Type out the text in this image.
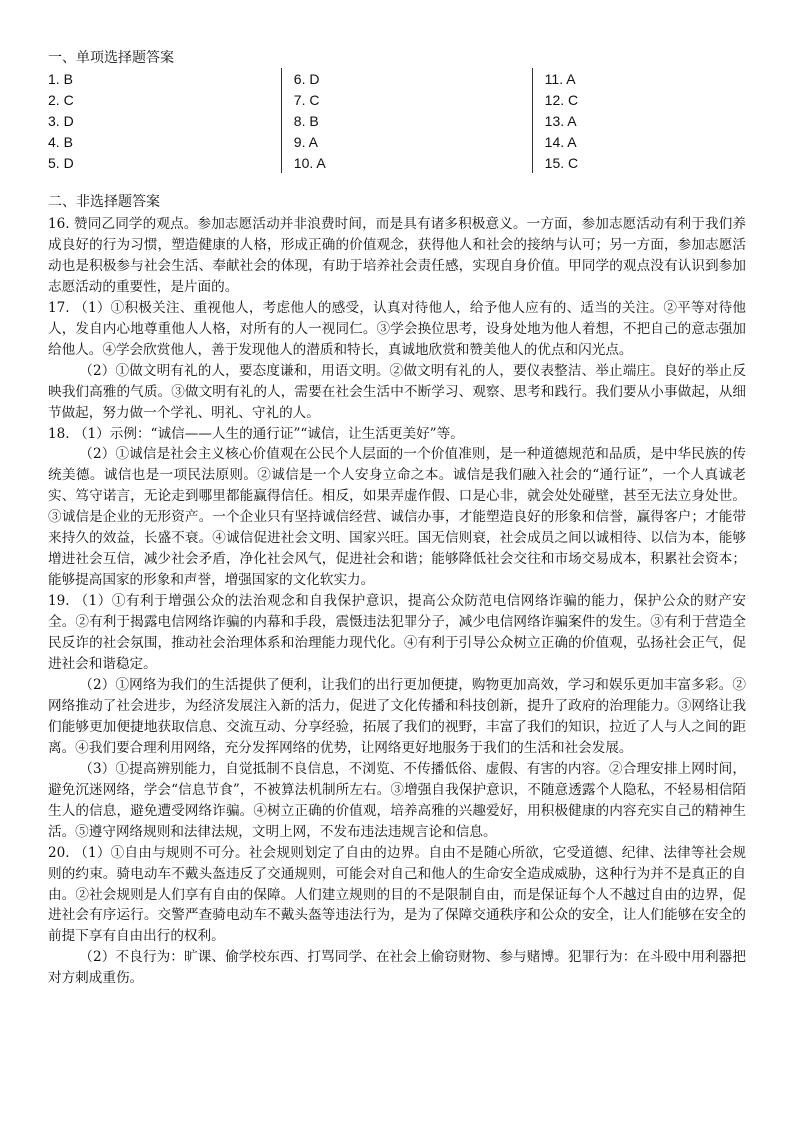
一、单项选择题答案
1. B	6. D	11. A
2. C	7. C	12. C
3. D	8. B	13. A
4. B	9. A	14. A
5. D	10. A	15. C
二、非选择题答案

16. 赞同乙同学的观点。参加志愿活动并非浪费时间，而是具有诸多积极意义。一方面，参加志愿活动有利于我们养成良好的行为习惯，塑造健康的人格，形成正确的价值观念，获得他人和社会的接纳与认可；另一方面，参加志愿活动也是积极参与社会生活、奉献社会的体现，有助于培养社会责任感，实现自身价值。甲同学的观点没有认识到参加志愿活动的重要性，是片面的。

17. （1）①积极关注、重视他人，考虑他人的感受，认真对待他人，给予他人应有的、适当的关注。②平等对待他人，发自内心地尊重他人人格，对所有的人一视同仁。③学会换位思考，设身处地为他人着想，不把自己的意志强加给他人。④学会欣赏他人，善于发现他人的潜质和特长，真诚地欣赏和赞美他人的优点和闪光点。

（2）①做文明有礼的人，要态度谦和，用语文明。②做文明有礼的人，要仪表整洁、举止端庄。良好的举止反映我们高雅的气质。③做文明有礼的人，需要在社会生活中不断学习、观察、思考和践行。我们要从小事做起，从细节做起，努力做一个学礼、明礼、守礼的人。

18. （1）示例：“诚信——人生的通行证”“诚信，让生活更美好”等。

（2）①诚信是社会主义核心价值观在公民个人层面的一个价值准则，是一种道德规范和品质，是中华民族的传统美德。诚信也是一项民法原则。②诚信是一个人安身立命之本。诚信是我们融入社会的“通行证”，一个人真诚老实、笃守诺言，无论走到哪里都能赢得信任。相反，如果弄虚作假、口是心非，就会处处碰壁，甚至无法立身处世。③诚信是企业的无形资产。一个企业只有坚持诚信经营、诚信办事，才能塑造良好的形象和信誉，赢得客户；才能带来持久的效益，长盛不衰。④诚信促进社会文明、国家兴旺。国无信则衰，社会成员之间以诚相待、以信为本，能够增进社会互信，减少社会矛盾，净化社会风气，促进社会和谐；能够降低社会交往和市场交易成本，积累社会资本；能够提高国家的形象和声誉，增强国家的文化软实力。

19. （1）①有利于增强公众的法治观念和自我保护意识，提高公众防范电信网络诈骗的能力，保护公众的财产安全。②有利于揭露电信网络诈骗的内幕和手段，震慑违法犯罪分子，减少电信网络诈骗案件的发生。③有利于营造全民反诈的社会氛围，推动社会治理体系和治理能力现代化。④有利于引导公众树立正确的价值观，弘扬社会正气，促进社会和谐稳定。

（2）①网络为我们的生活提供了便利，让我们的出行更加便捷，购物更加高效，学习和娱乐更加丰富多彩。②网络推动了社会进步，为经济发展注入新的活力，促进了文化传播和科技创新，提升了政府的治理能力。③网络让我们能够更加便捷地获取信息、交流互动、分享经验，拓展了我们的视野，丰富了我们的知识，拉近了人与人之间的距离。④我们要合理利用网络，充分发挥网络的优势，让网络更好地服务于我们的生活和社会发展。

（3）①提高辨别能力，自觉抵制不良信息，不浏览、不传播低俗、虚假、有害的内容。②合理安排上网时间，避免沉迷网络，学会“信息节食”，不被算法机制所左右。③增强自我保护意识，不随意透露个人隐私，不轻易相信陌生人的信息，避免遭受网络诈骗。④树立正确的价值观，培养高雅的兴趣爱好，用积极健康的内容充实自己的精神生活。⑤遵守网络规则和法律法规，文明上网，不发布违法违规言论和信息。

20. （1）①自由与规则不可分。社会规则划定了自由的边界。自由不是随心所欲，它受道德、纪律、法律等社会规则的约束。骑电动车不戴头盔违反了交通规则，可能会对自己和他人的生命安全造成威胁，这种行为并不是真正的自由。②社会规则是人们享有自由的保障。人们建立规则的目的不是限制自由，而是保证每个人不越过自由的边界，促进社会有序运行。交警严查骑电动车不戴头盔等违法行为，是为了保障交通秩序和公众的安全，让人们能够在安全的前提下享有自由出行的权利。

（2）不良行为：旷课、偷学校东西、打骂同学、在社会上偷窃财物、参与赌博。犯罪行为：在斗殴中用利器把对方刺成重伤。
